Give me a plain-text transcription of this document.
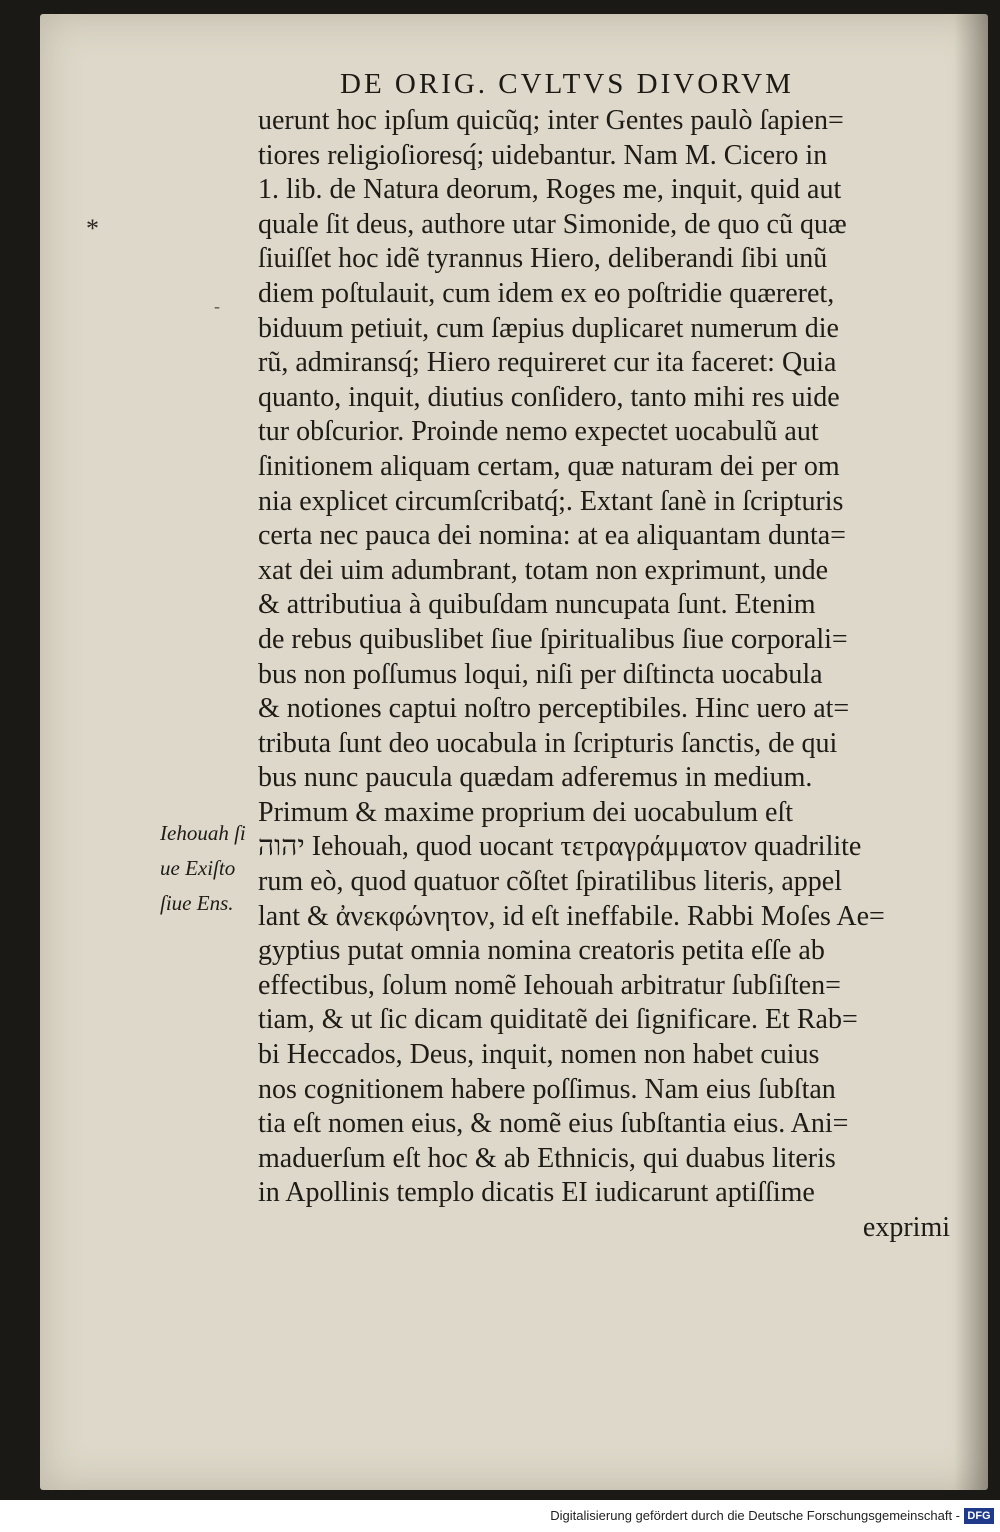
DE ORIG. CVLTVS DIVORVM
*
-
uerunt hoc ipſum quicũq; inter Gentes paulò ſapien=
tiores religioſioresq́; uidebantur. Nam M. Cicero in
1. lib. de Natura deorum, Roges me, inquit, quid aut
quale ſit deus, authore utar Simonide, de quo cũ quæ
ſiuiſſet hoc idẽ tyrannus Hiero, deliberandi ſibi unũ
diem poſtulauit, cum idem ex eo poſtridie quæreret,
biduum petiuit, cum ſæpius duplicaret numerum die
rũ, admiransq́; Hiero requireret cur ita faceret: Quia
quanto, inquit, diutius conſidero, tanto mihi res uide
tur obſcurior. Proinde nemo expectet uocabulũ aut
ſinitionem aliquam certam, quæ naturam dei per om
nia explicet circumſcribatq́;. Extant ſanè in ſcripturis
certa nec pauca dei nomina: at ea aliquantam dunta=
xat dei uim adumbrant, totam non exprimunt, unde
& attributiua à quibuſdam nuncupata ſunt. Etenim
de rebus quibuslibet ſiue ſpiritualibus ſiue corporali=
bus non poſſumus loqui, niſi per diſtincta uocabula
& notiones captui noſtro perceptibiles. Hinc uero at=
tributa ſunt deo uocabula in ſcripturis ſanctis, de qui
bus nunc paucula quædam adferemus in medium.
Primum & maxime proprium dei uocabulum eſt
יהוה Iehouah, quod uocant τετραγράμματον quadrilite
rum eò, quod quatuor cõſtet ſpiratilibus literis, appel
lant & ἀνεκφώνητον, id eſt ineffabile. Rabbi Moſes Ae=
gyptius putat omnia nomina creatoris petita eſſe ab
effectibus, ſolum nomẽ Iehouah arbitratur ſubſiſten=
tiam, & ut ſic dicam quiditatẽ dei ſignificare. Et Rab=
bi Heccados, Deus, inquit, nomen non habet cuius
nos cognitionem habere poſſimus. Nam eius ſubſtan
tia eſt nomen eius, & nomẽ eius ſubſtantia eius. Ani=
maduerſum eſt hoc & ab Ethnicis, qui duabus literis
in Apollinis templo dicatis EI iudicarunt aptiſſime
exprimi
Iehouah ſi
ue Exiſto
ſiue Ens.
Digitalisierung gefördert durch die Deutsche Forschungsgemeinschaft - DFG
